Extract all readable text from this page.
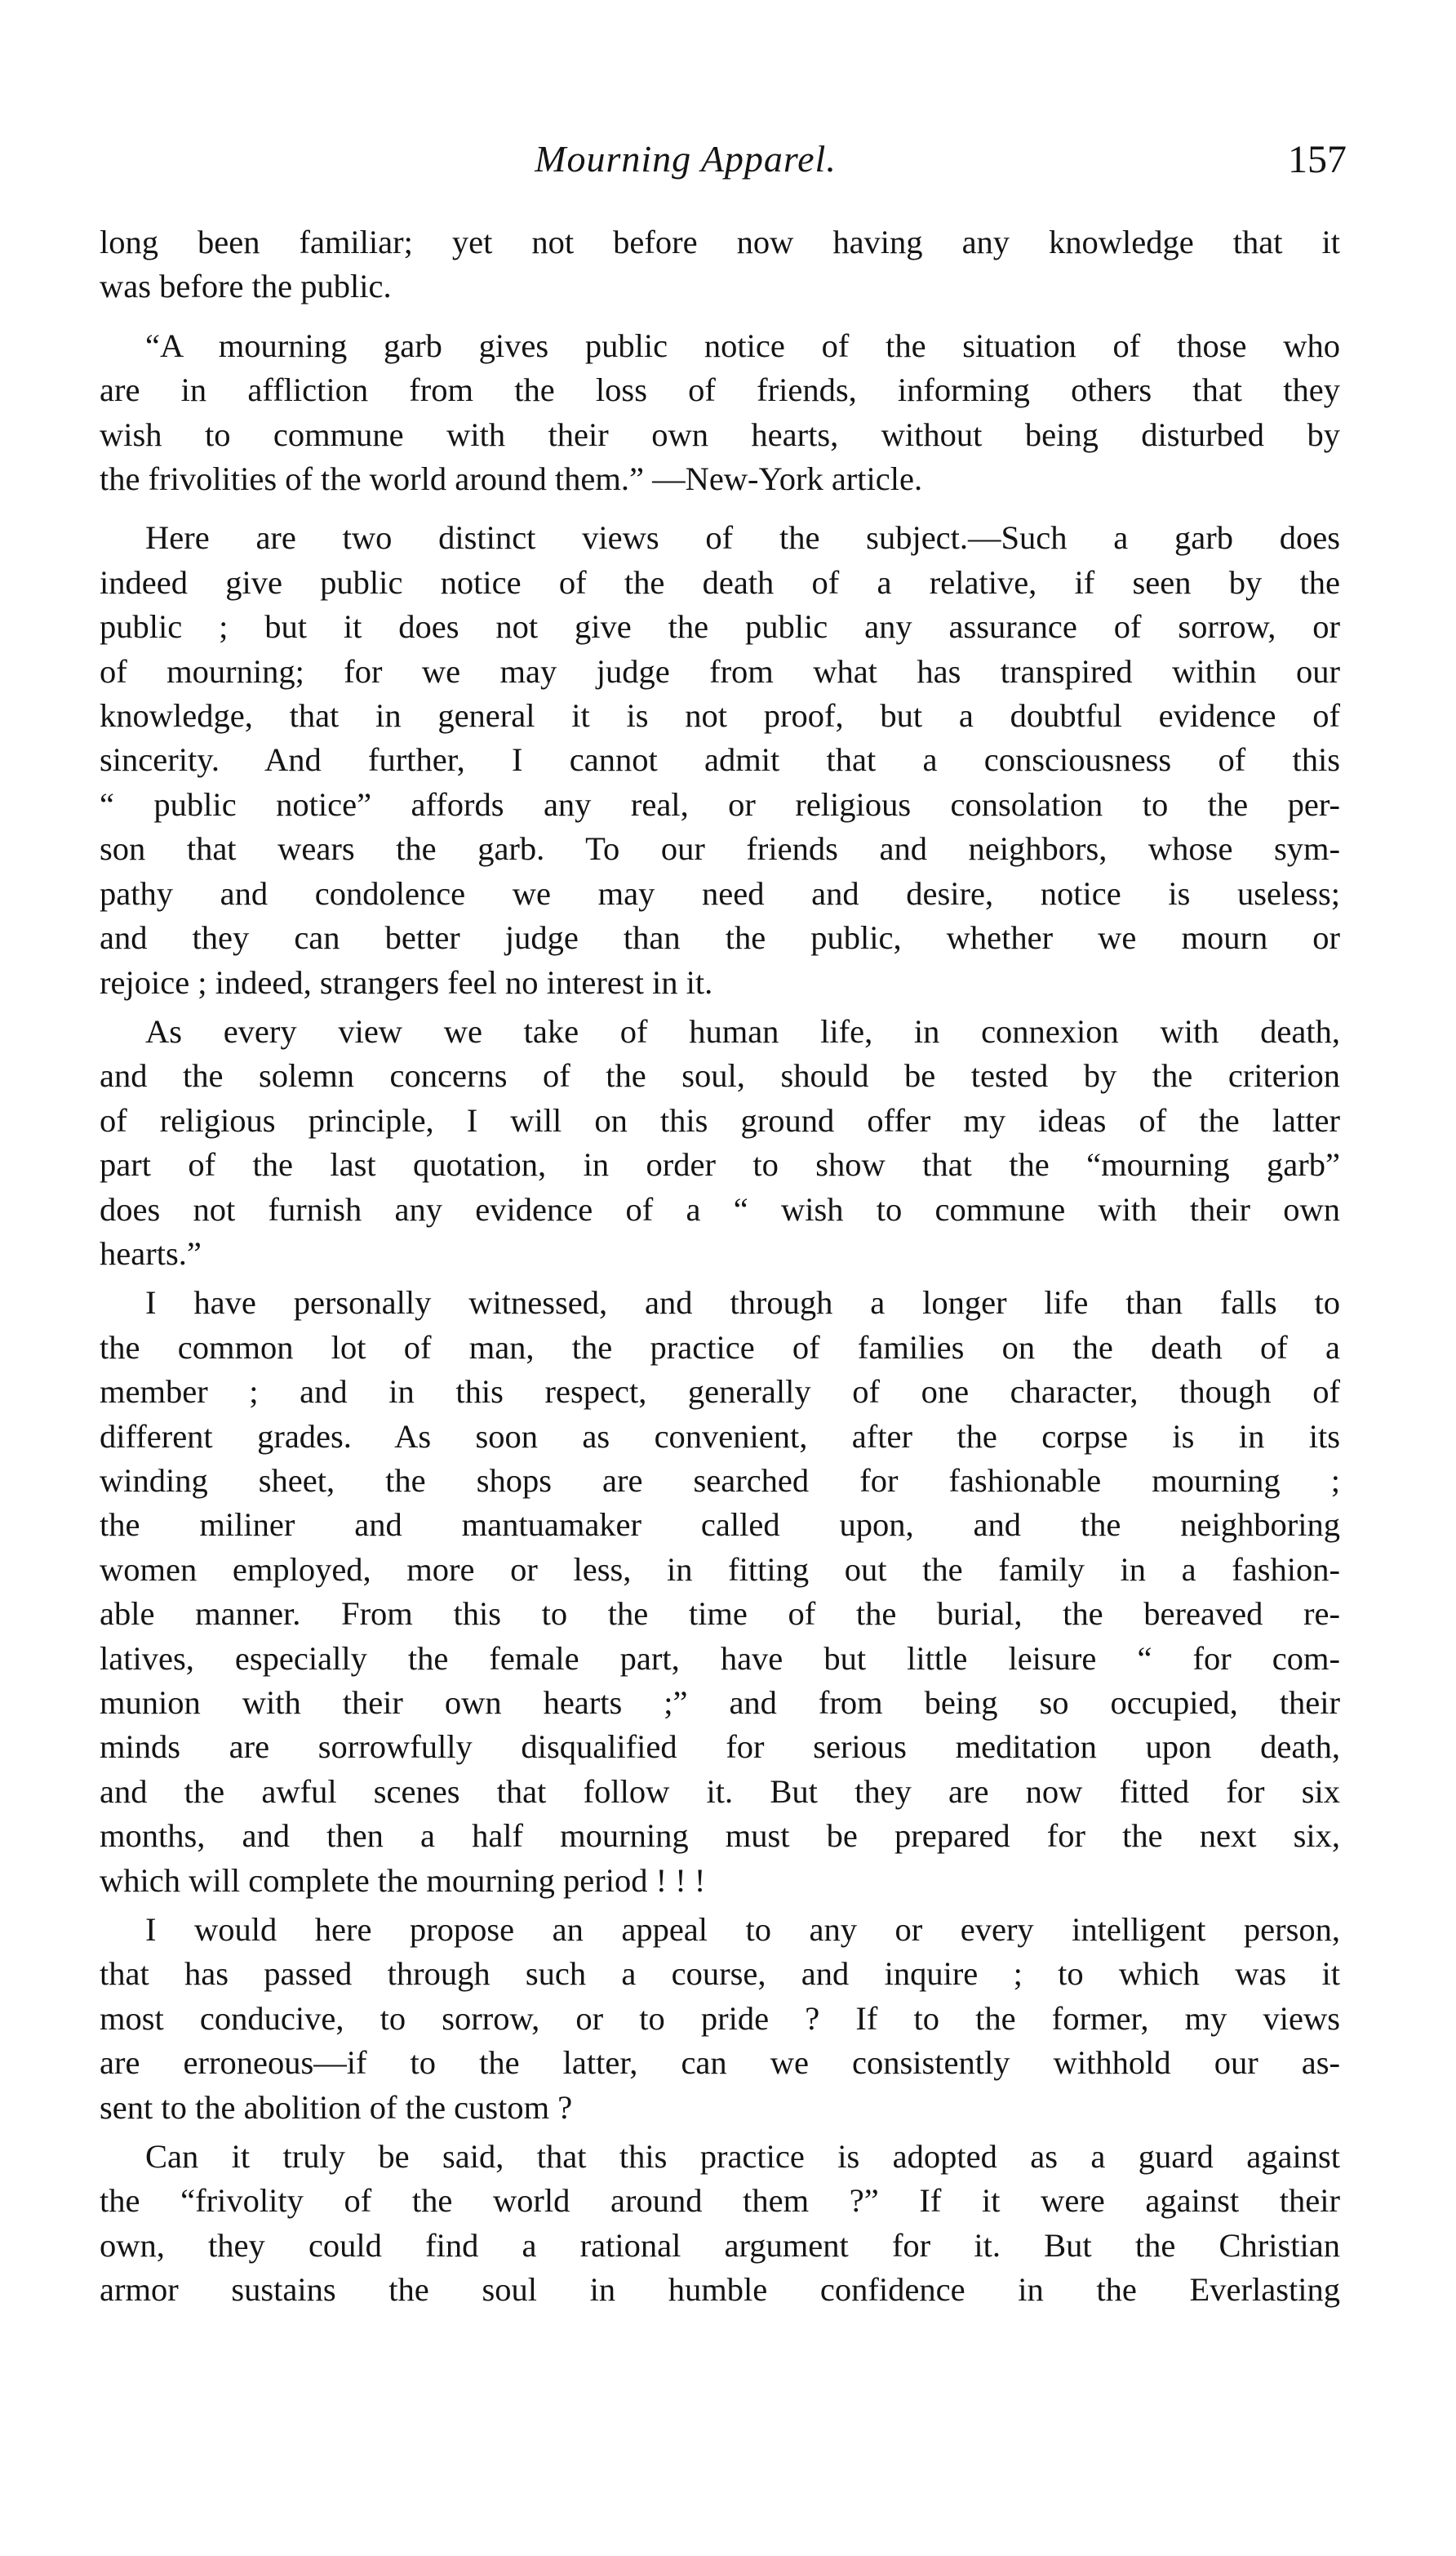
Mourning Apparel.	157

long been familiar; yet not before now having any knowledge that it
was before the public.

“A mourning garb gives public notice of the situation of those who
are in affliction from the loss of friends, informing others that they
wish to commune with their own hearts, without being disturbed by
the frivolities of the world around them.” —New-York article.

Here are two distinct views of the subject.—Such a garb does
indeed give public notice of the death of a relative, if seen by the
public ; but it does not give the public any assurance of sorrow, or
of mourning; for we may judge from what has transpired within our
knowledge, that in general it is not proof, but a doubtful evidence of
sincerity. And further, I cannot admit that a consciousness of this
“ public notice” affords any real, or religious consolation to the per-
son that wears the garb. To our friends and neighbors, whose sym-
pathy and condolence we may need and desire, notice is useless;
and they can better judge than the public, whether we mourn or
rejoice ; indeed, strangers feel no interest in it.

As every view we take of human life, in connexion with death,
and the solemn concerns of the soul, should be tested by the criterion
of religious principle, I will on this ground offer my ideas of the latter
part of the last quotation, in order to show that the “mourning garb”
does not furnish any evidence of a “ wish to commune with their own
hearts.”

I have personally witnessed, and through a longer life than falls to
the common lot of man, the practice of families on the death of a
member ; and in this respect, generally of one character, though of
different grades. As soon as convenient, after the corpse is in its
winding sheet, the shops are searched for fashionable mourning ;
the miliner and mantuamaker called upon, and the neighboring
women employed, more or less, in fitting out the family in a fashion-
able manner. From this to the time of the burial, the bereaved re-
latives, especially the female part, have but little leisure “ for com-
munion with their own hearts ;” and from being so occupied, their
minds are sorrowfully disqualified for serious meditation upon death,
and the awful scenes that follow it. But they are now fitted for six
months, and then a half mourning must be prepared for the next six,
which will complete the mourning period ! ! !

I would here propose an appeal to any or every intelligent person,
that has passed through such a course, and inquire ; to which was it
most conducive, to sorrow, or to pride ? If to the former, my views
are erroneous—if to the latter, can we consistently withhold our as-
sent to the abolition of the custom ?

Can it truly be said, that this practice is adopted as a guard against
the “frivolity of the world around them ?” If it were against their
own, they could find a rational argument for it. But the Christian
armor sustains the soul in humble confidence in the Everlasting
